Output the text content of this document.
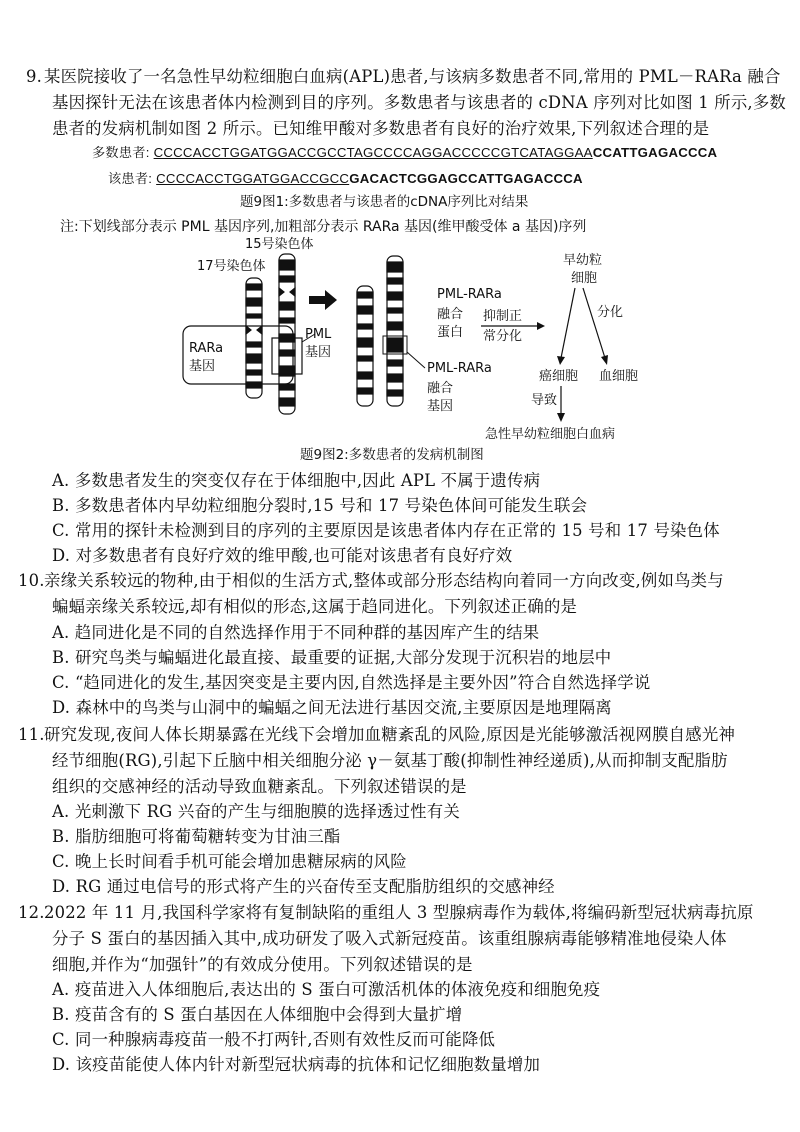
9. 某医院接收了一名急性早幼粒细胞白血病(APL)患者,与该病多数患者不同,常用的 PML－RARa 融合
基因探针无法在该患者体内检测到目的序列。多数患者与该患者的 cDNA 序列对比如图 1 所示,多数
患者的发病机制如图 2 所示。已知维甲酸对多数患者有良好的治疗效果,下列叙述合理的是
多数患者: CCCCACCTGGATGGACCGCCTAGCCCCAGGACCCCCGTCATAGGAACCATTGAGACCCA
该患者: CCCCACCTGGATGGACCGCCGACACTCGGAGCCATTGAGACCCA
题9图1:多数患者与该患者的cDNA序列比对结果
注:下划线部分表示 PML 基因序列,加粗部分表示 RARa 基因(维甲酸受体 a 基因)序列
15号染色体
17号染色体
RARa
基因
PML
基因
PML-RARa
融合
蛋白
抑制正
常分化
PML-RARa
融合
基因
早幼粒
细胞
分化
癌细胞 血细胞
导致
急性早幼粒细胞白血病
题9图2:多数患者的发病机制图
A. 多数患者发生的突变仅存在于体细胞中,因此 APL 不属于遗传病
B. 多数患者体内早幼粒细胞分裂时,15 号和 17 号染色体间可能发生联会
C. 常用的探针未检测到目的序列的主要原因是该患者体内存在正常的 15 号和 17 号染色体
D. 对多数患者有良好疗效的维甲酸,也可能对该患者有良好疗效
10. 亲缘关系较远的物种,由于相似的生活方式,整体或部分形态结构向着同一方向改变,例如鸟类与
蝙蝠亲缘关系较远,却有相似的形态,这属于趋同进化。下列叙述正确的是
A. 趋同进化是不同的自然选择作用于不同种群的基因库产生的结果
B. 研究鸟类与蝙蝠进化最直接、最重要的证据,大部分发现于沉积岩的地层中
C. “趋同进化的发生,基因突变是主要内因,自然选择是主要外因”符合自然选择学说
D. 森林中的鸟类与山洞中的蝙蝠之间无法进行基因交流,主要原因是地理隔离
11. 研究发现,夜间人体长期暴露在光线下会增加血糖紊乱的风险,原因是光能够激活视网膜自感光神
经节细胞(RG),引起下丘脑中相关细胞分泌 γ－氨基丁酸(抑制性神经递质),从而抑制支配脂肪
组织的交感神经的活动导致血糖紊乱。下列叙述错误的是
A. 光刺激下 RG 兴奋的产生与细胞膜的选择透过性有关
B. 脂肪细胞可将葡萄糖转变为甘油三酯
C. 晚上长时间看手机可能会增加患糖尿病的风险
D. RG 通过电信号的形式将产生的兴奋传至支配脂肪组织的交感神经
12. 2022 年 11 月,我国科学家将有复制缺陷的重组人 3 型腺病毒作为载体,将编码新型冠状病毒抗原
分子 S 蛋白的基因插入其中,成功研发了吸入式新冠疫苗。该重组腺病毒能够精准地侵染人体
细胞,并作为“加强针”的有效成分使用。下列叙述错误的是
A. 疫苗进入人体细胞后,表达出的 S 蛋白可激活机体的体液免疫和细胞免疫
B. 疫苗含有的 S 蛋白基因在人体细胞中会得到大量扩增
C. 同一种腺病毒疫苗一般不打两针,否则有效性反而可能降低
D. 该疫苗能使人体内针对新型冠状病毒的抗体和记忆细胞数量增加
